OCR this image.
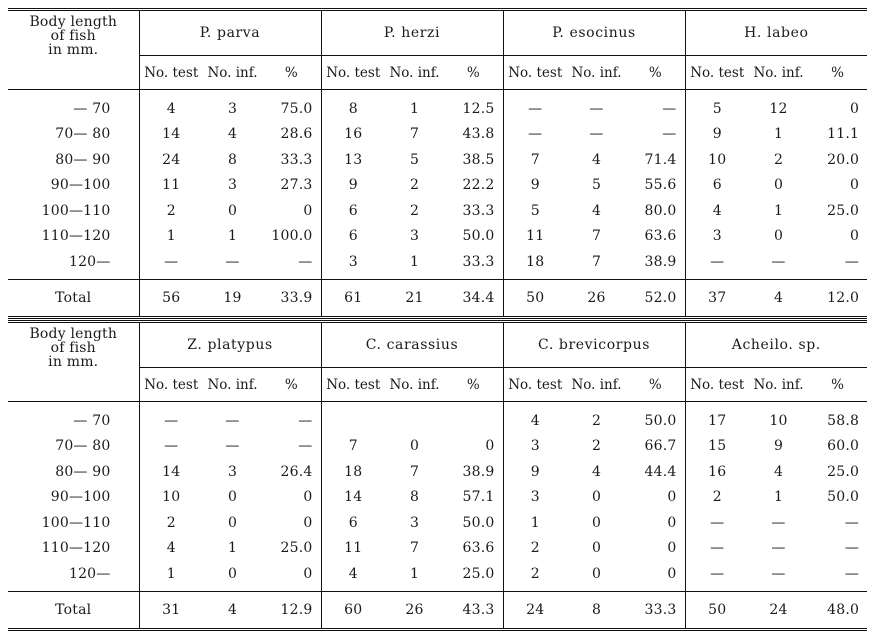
Body length
of fish
in mm.	P. parva			P. herzi			P. esocinus			H. labeo		
	No. test	No. inf.	%	No. test	No. inf.	%	No. test	No. inf.	%	No. test	No. inf.	%
— 70	4	3	75.0	8	1	12.5	—	—	—	5	12	0
70— 80	14	4	28.6	16	7	43.8	—	—	—	9	1	11.1
80— 90	24	8	33.3	13	5	38.5	7	4	71.4	10	2	20.0
90—100	11	3	27.3	9	2	22.2	9	5	55.6	6	0	0
100—110	2	0	0	6	2	33.3	5	4	80.0	4	1	25.0
110—120	1	1	100.0	6	3	50.0	11	7	63.6	3	0	0
120—	—	—	—	3	1	33.3	18	7	38.9	—	—	—
Total	56	19	33.9	61	21	34.4	50	26	52.0	37	4	12.0

Body length
of fish
in mm.	Z. platypus			C. carassius			C. brevicorpus			Acheilo. sp.		
	No. test	No. inf.	%	No. test	No. inf.	%	No. test	No. inf.	%	No. test	No. inf.	%
— 70	—	—	—				4	2	50.0	17	10	58.8
70— 80	—	—	—	7	0	0	3	2	66.7	15	9	60.0
80— 90	14	3	26.4	18	7	38.9	9	4	44.4	16	4	25.0
90—100	10	0	0	14	8	57.1	3	0	0	2	1	50.0
100—110	2	0	0	6	3	50.0	1	0	0	—	—	—
110—120	4	1	25.0	11	7	63.6	2	0	0	—	—	—
120—	1	0	0	4	1	25.0	2	0	0	—	—	—
Total	31	4	12.9	60	26	43.3	24	8	33.3	50	24	48.0
